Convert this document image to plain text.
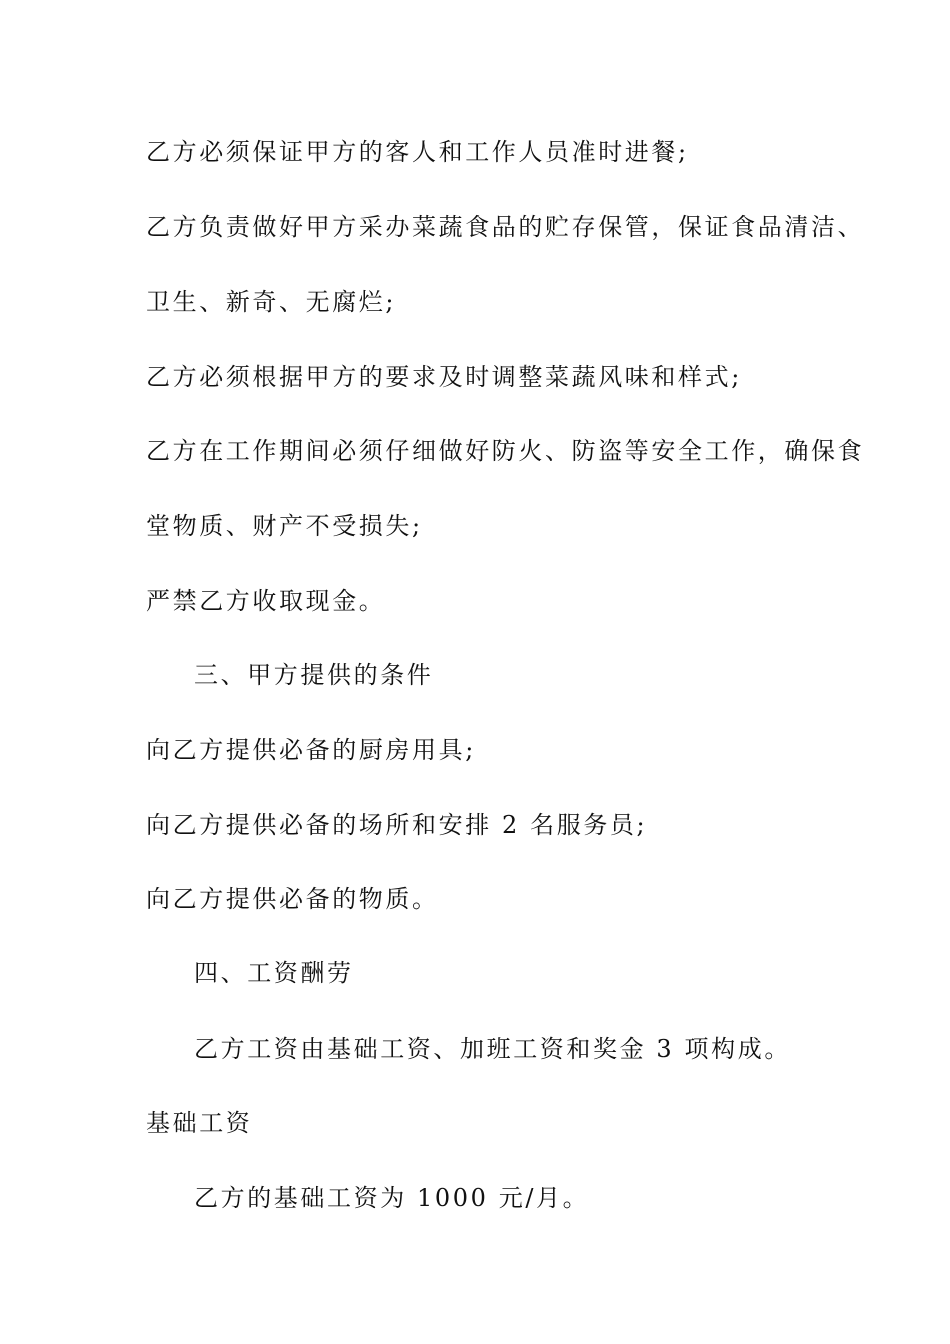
乙方必须保证甲方的客人和工作人员准时进餐;
乙方负责做好甲方采办菜蔬食品的贮存保管，保证食品清洁、
卫生、新奇、无腐烂;
乙方必须根据甲方的要求及时调整菜蔬风味和样式;
乙方在工作期间必须仔细做好防火、防盗等安全工作，确保食
堂物质、财产不受损失;
严禁乙方收取现金。
三、甲方提供的条件
向乙方提供必备的厨房用具;
向乙方提供必备的场所和安排 2 名服务员;
向乙方提供必备的物质。
四、工资酬劳
乙方工资由基础工资、加班工资和奖金 3 项构成。
基础工资
乙方的基础工资为 1000 元/月。
